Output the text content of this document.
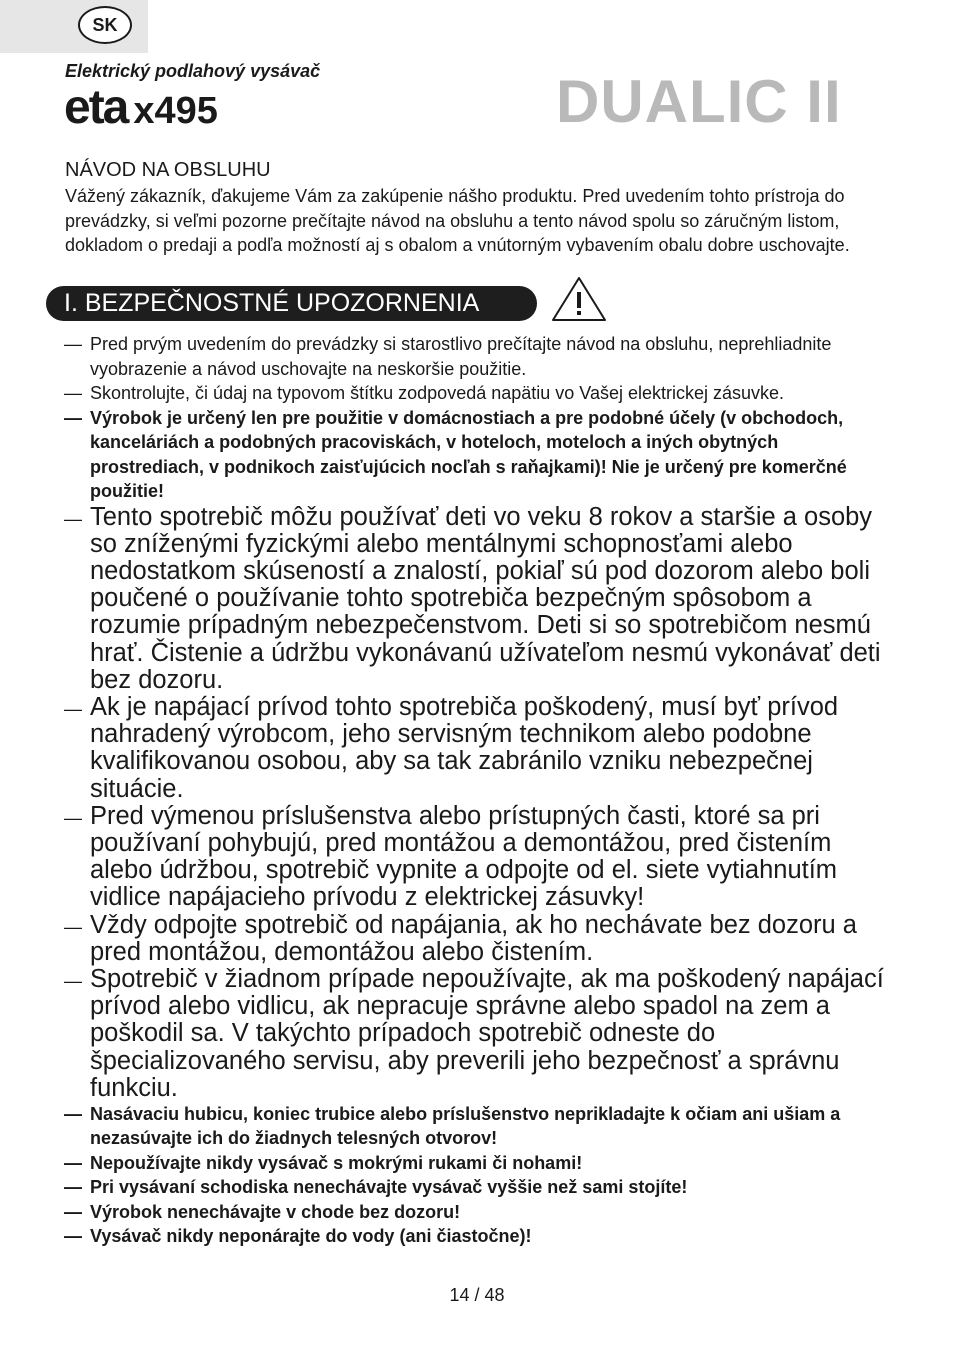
SK
Elektrický podlahový vysávač
eta x495	DUALIC II
NÁVOD NA OBSLUHU
Vážený zákazník, ďakujeme Vám za zakúpenie nášho produktu. Pred uvedením tohto prístroja do prevádzky, si veľmi pozorne prečítajte návod na obsluhu a tento návod spolu so záručným listom, dokladom o predaji a podľa možností aj s obalom a vnútorným vybavením obalu dobre uschovajte.
I. BEZPEČNOSTNÉ UPOZORNENIA
— Pred prvým uvedením do prevádzky si starostlivo prečítajte návod na obsluhu, neprehliadnite vyobrazenie a návod uschovajte na neskoršie použitie.
— Skontrolujte, či údaj na typovom štítku zodpovedá napätiu vo Vašej elektrickej zásuvke.
— Výrobok je určený len pre použitie v domácnostiach a pre podobné účely (v obchodoch, kanceláriách a podobných pracoviskách, v hoteloch, moteloch a iných obytných prostrediach, v podnikoch zaisťujúcich nocľah s raňajkami)! Nie je určený pre komerčné použitie!
— Tento spotrebič môžu používať deti vo veku 8 rokov a staršie a osoby so zníženými fyzickými alebo mentálnymi schopnosťami alebo nedostatkom skúseností a znalostí, pokiaľ sú pod dozorom alebo boli poučené o používanie tohto spotrebiča bezpečným spôsobom a rozumie prípadným nebezpečenstvom. Deti si so spotrebičom nesmú hrať. Čistenie a údržbu vykonávanú užívateľom nesmú vykonávať deti bez dozoru.
— Ak je napájací prívod tohto spotrebiča poškodený, musí byť prívod nahradený výrobcom, jeho servisným technikom alebo podobne kvalifikovanou osobou, aby sa tak zabránilo vzniku nebezpečnej situácie.
— Pred výmenou príslušenstva alebo prístupných časti, ktoré sa pri používaní pohybujú, pred montážou a demontážou, pred čistením alebo údržbou, spotrebič vypnite a odpojte od el. siete vytiahnutím vidlice napájacieho prívodu z elektrickej zásuvky!
— Vždy odpojte spotrebič od napájania, ak ho nechávate bez dozoru a pred montážou, demontážou alebo čistením.
— Spotrebič v žiadnom prípade nepoužívajte, ak ma poškodený napájací prívod alebo vidlicu, ak nepracuje správne alebo spadol na zem a poškodil sa. V takýchto prípadoch spotrebič odneste do špecializovaného servisu, aby preverili jeho bezpečnosť a správnu funkciu.
— Nasávaciu hubicu, koniec trubice alebo príslušenstvo neprikladajte k očiam ani ušiam a nezasúvajte ich do žiadnych telesných otvorov!
— Nepoužívajte nikdy vysávač s mokrými rukami či nohami!
— Pri vysávaní schodiska nenechávajte vysávač vyššie než sami stojíte!
— Výrobok nenechávajte v chode bez dozoru!
— Vysávač nikdy neponárajte do vody (ani čiastočne)!
14 / 48
